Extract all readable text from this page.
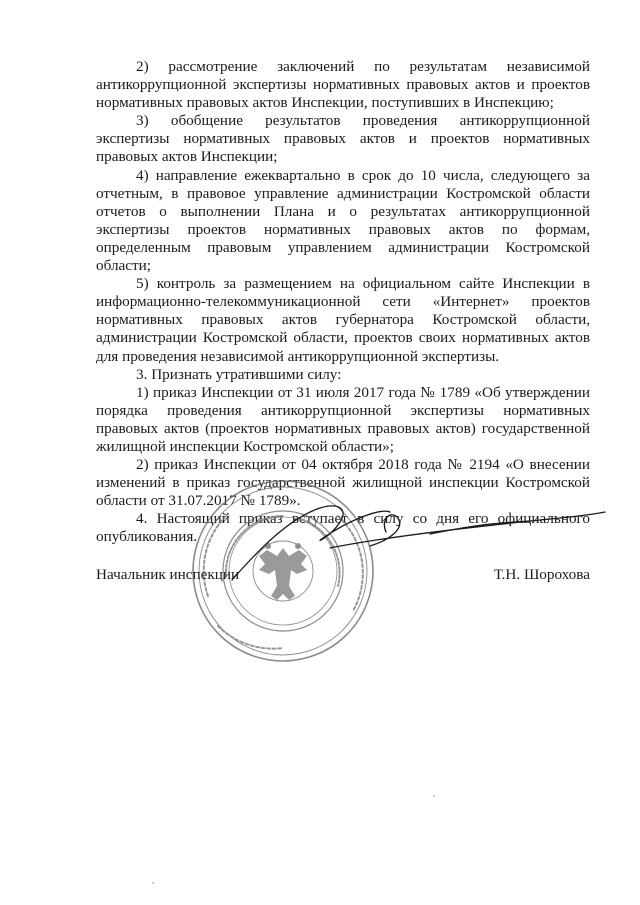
2) рассмотрение заключений по результатам независимой антикоррупционной экспертизы нормативных правовых актов и проектов нормативных правовых актов Инспекции, поступивших в Инспекцию;

3) обобщение результатов проведения антикоррупционной экспертизы нормативных правовых актов и проектов нормативных правовых актов Инспекции;

4) направление ежеквартально в срок до 10 числа, следующего за отчетным, в правовое управление администрации Костромской области отчетов о выполнении Плана и о результатах антикоррупционной экспертизы проектов нормативных правовых актов по формам, определенным правовым управлением администрации Костромской области;

5) контроль за размещением на официальном сайте Инспекции в информационно-телекоммуникационной сети «Интернет» проектов нормативных правовых актов губернатора Костромской области, администрации Костромской области, проектов своих нормативных актов для проведения независимой антикоррупционной экспертизы.

3. Признать утратившими силу:

1) приказ Инспекции от 31 июля 2017 года № 1789 «Об утверждении порядка проведения антикоррупционной экспертизы нормативных правовых актов (проектов нормативных правовых актов) государственной жилищной инспекции Костромской области»;

2) приказ Инспекции от 04 октября 2018 года № 2194 «О внесении изменений в приказ государственной жилищной инспекции Костромской области от 31.07.2017 № 1789».

4. Настоящий приказ вступает в силу со дня его официального опубликования.

Начальник инспекции	Т.Н. Шорохова
